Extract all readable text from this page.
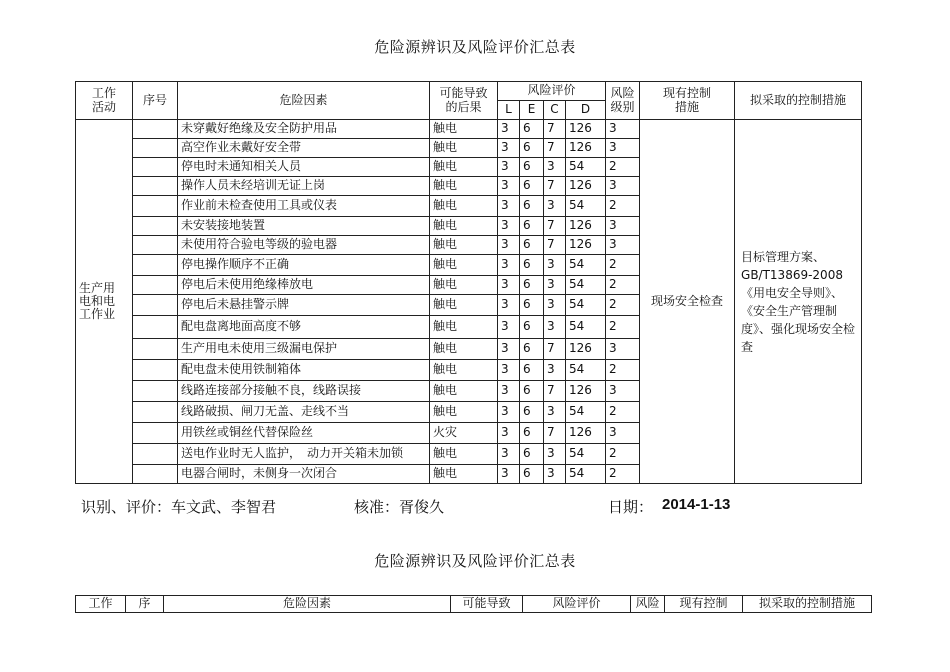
危险源辨识及风险评价汇总表
工作
活动	序号	危险因素	可能导致
的后果	风险评价				风险
级别	现有控制
措施	拟采取的控制措施
				L	E	C	D			
生产用
电和电
工作业		未穿戴好绝缘及安全防护用品	触电	3	6	7	126	3	现场安全检查	目标管理方案、GB/T13869-2008《用电安全导则》、《安全生产管理制度》、强化现场安全检查
		高空作业未戴好安全带	触电	3	6	7	126	3		
		停电时未通知相关人员	触电	3	6	3	54	2		
		操作人员未经培训无证上岗	触电	3	6	7	126	3		
		作业前未检查使用工具或仪表	触电	3	6	3	54	2		
		未安装接地装置	触电	3	6	7	126	3		
		未使用符合验电等级的验电器	触电	3	6	7	126	3		
		停电操作顺序不正确	触电	3	6	3	54	2		
		停电后未使用绝缘棒放电	触电	3	6	3	54	2		
		停电后未悬挂警示牌	触电	3	6	3	54	2		
		配电盘离地面高度不够	触电	3	6	3	54	2		
		生产用电未使用三级漏电保护	触电	3	6	7	126	3		
		配电盘未使用铁制箱体	触电	3	6	3	54	2		
		线路连接部分接触不良，线路误接	触电	3	6	7	126	3		
		线路破损、闸刀无盖、走线不当	触电	3	6	3	54	2		
		用铁丝或铜丝代替保险丝	火灾	3	6	7	126	3		
		送电作业时无人监护，　动力开关箱未加锁	触电	3	6	3	54	2		
		电器合闸时，未侧身一次闭合	触电	3	6	3	54	2		
识别、评价：车文武、李智君	核准：胥俊久	日期： 2014-1-13
危险源辨识及风险评价汇总表
工作	序	危险因素	可能导致	风险评价	风险	现有控制	拟采取的控制措施
